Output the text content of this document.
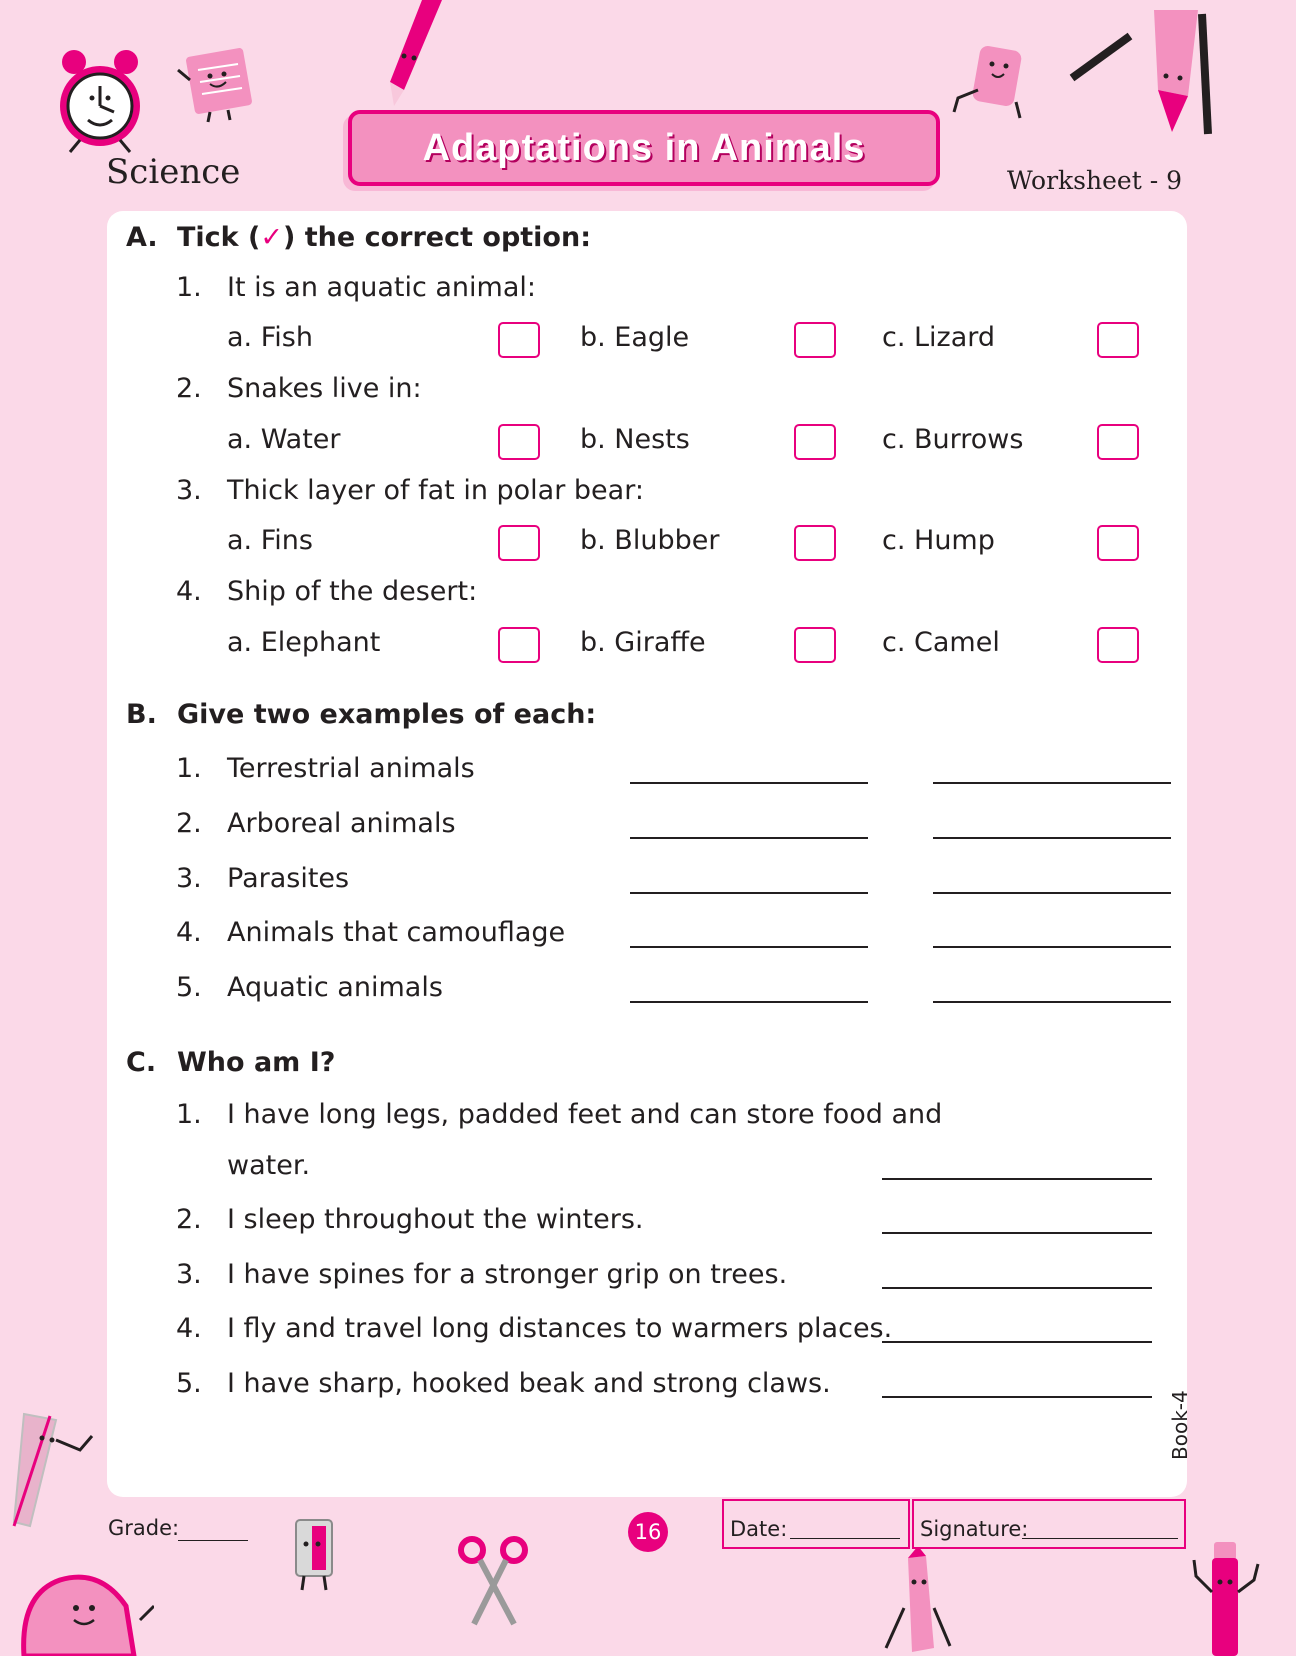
Science
Adaptations in Animals
Worksheet - 9
A. Tick (✓) the correct option:
1. It is an aquatic animal:
a. Fish	b. Eagle	c. Lizard
2. Snakes live in:
a. Water	b. Nests	c. Burrows
3. Thick layer of fat in polar bear:
a. Fins	b. Blubber	c. Hump
4. Ship of the desert:
a. Elephant	b. Giraffe	c. Camel
B. Give two examples of each:
1. Terrestrial animals
2. Arboreal animals
3. Parasites
4. Animals that camouflage
5. Aquatic animals
C. Who am I?
1. I have long legs, padded feet and can store food and
water.
2. I sleep throughout the winters.
3. I have spines for a stronger grip on trees.
4. I fly and travel long distances to warmers places.
5. I have sharp, hooked beak and strong claws.
Grade:	16	Date:	Signature:
Book-4
